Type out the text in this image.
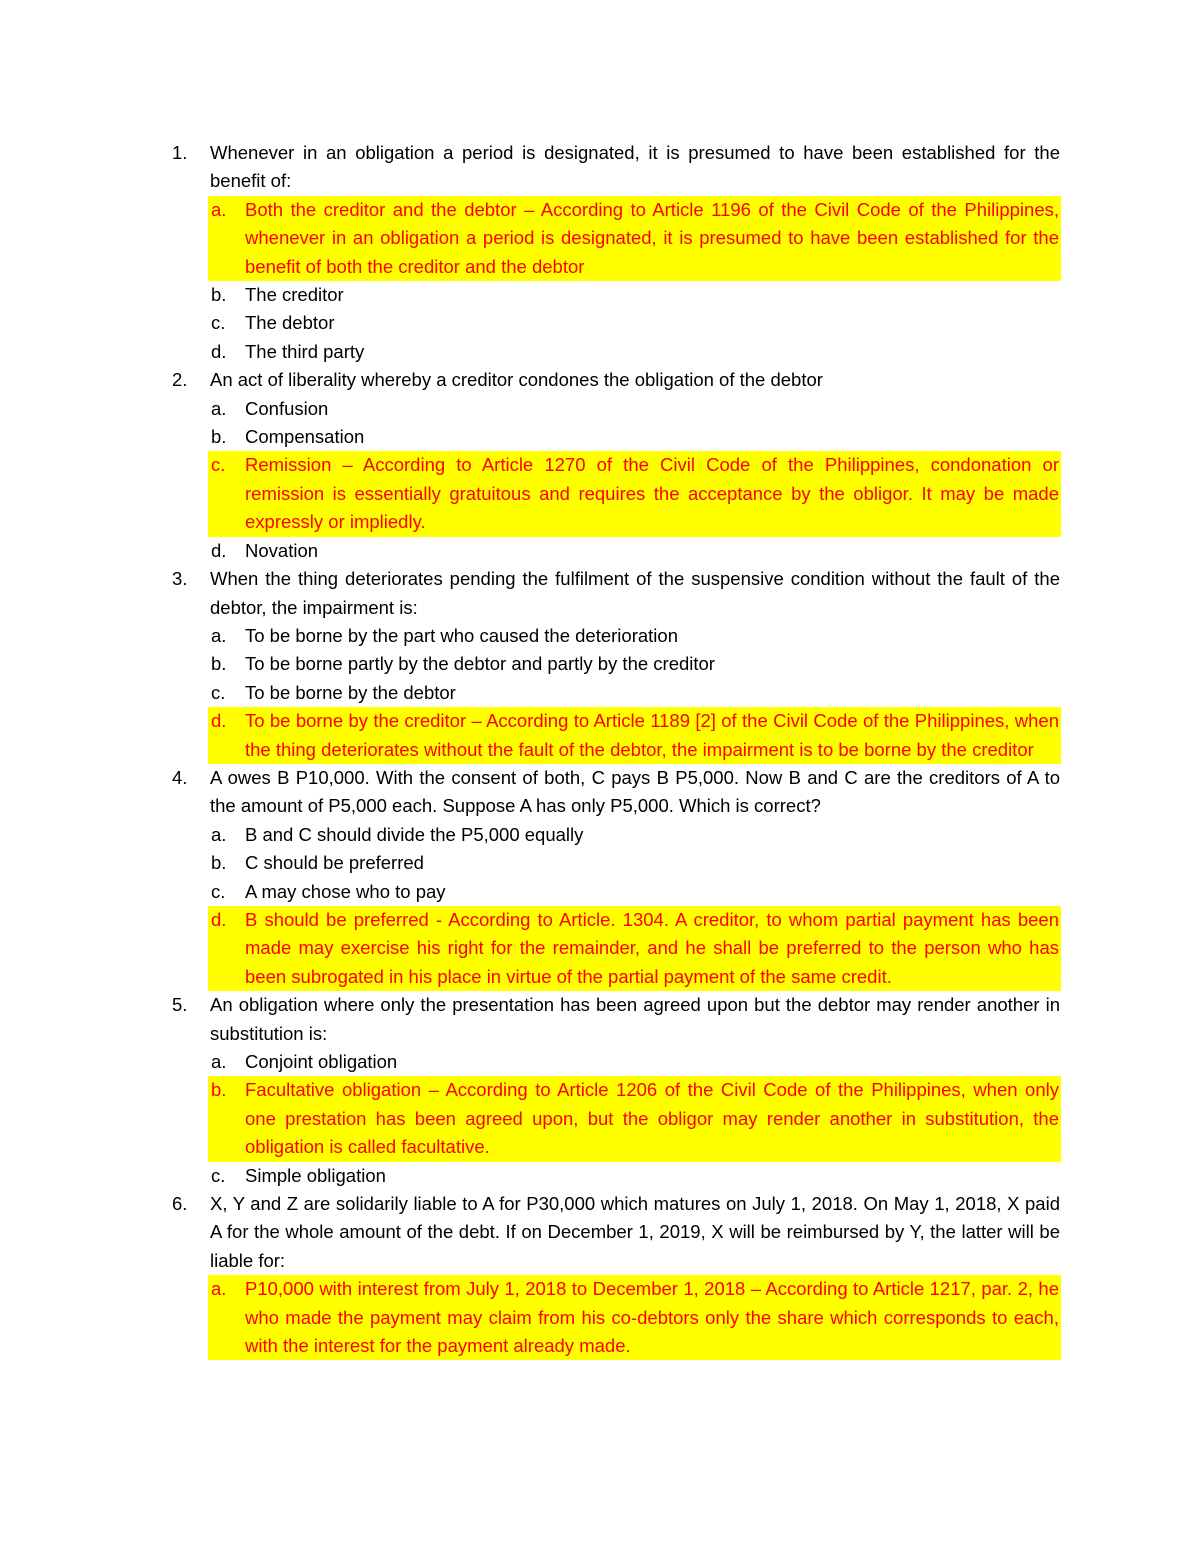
1. Whenever in an obligation a period is designated, it is presumed to have been established for the benefit of:
a. Both the creditor and the debtor – According to Article 1196 of the Civil Code of the Philippines, whenever in an obligation a period is designated, it is presumed to have been established for the benefit of both the creditor and the debtor
b. The creditor
c. The debtor
d. The third party
2. An act of liberality whereby a creditor condones the obligation of the debtor
a. Confusion
b. Compensation
c. Remission – According to Article 1270 of the Civil Code of the Philippines, condonation or remission is essentially gratuitous and requires the acceptance by the obligor. It may be made expressly or impliedly.
d. Novation
3. When the thing deteriorates pending the fulfilment of the suspensive condition without the fault of the debtor, the impairment is:
a. To be borne by the part who caused the deterioration
b. To be borne partly by the debtor and partly by the creditor
c. To be borne by the debtor
d. To be borne by the creditor – According to Article 1189 [2] of the Civil Code of the Philippines, when the thing deteriorates without the fault of the debtor, the impairment is to be borne by the creditor
4. A owes B P10,000. With the consent of both, C pays B P5,000. Now B and C are the creditors of A to the amount of P5,000 each. Suppose A has only P5,000. Which is correct?
a. B and C should divide the P5,000 equally
b. C should be preferred
c. A may chose who to pay
d. B should be preferred - According to Article. 1304. A creditor, to whom partial payment has been made may exercise his right for the remainder, and he shall be preferred to the person who has been subrogated in his place in virtue of the partial payment of the same credit.
5. An obligation where only the presentation has been agreed upon but the debtor may render another in substitution is:
a. Conjoint obligation
b. Facultative obligation – According to Article 1206 of the Civil Code of the Philippines, when only one prestation has been agreed upon, but the obligor may render another in substitution, the obligation is called facultative.
c. Simple obligation
6. X, Y and Z are solidarily liable to A for P30,000 which matures on July 1, 2018. On May 1, 2018, X paid A for the whole amount of the debt. If on December 1, 2019, X will be reimbursed by Y, the latter will be liable for:
a. P10,000 with interest from July 1, 2018 to December 1, 2018 – According to Article 1217, par. 2, he who made the payment may claim from his co-debtors only the share which corresponds to each, with the interest for the payment already made.
